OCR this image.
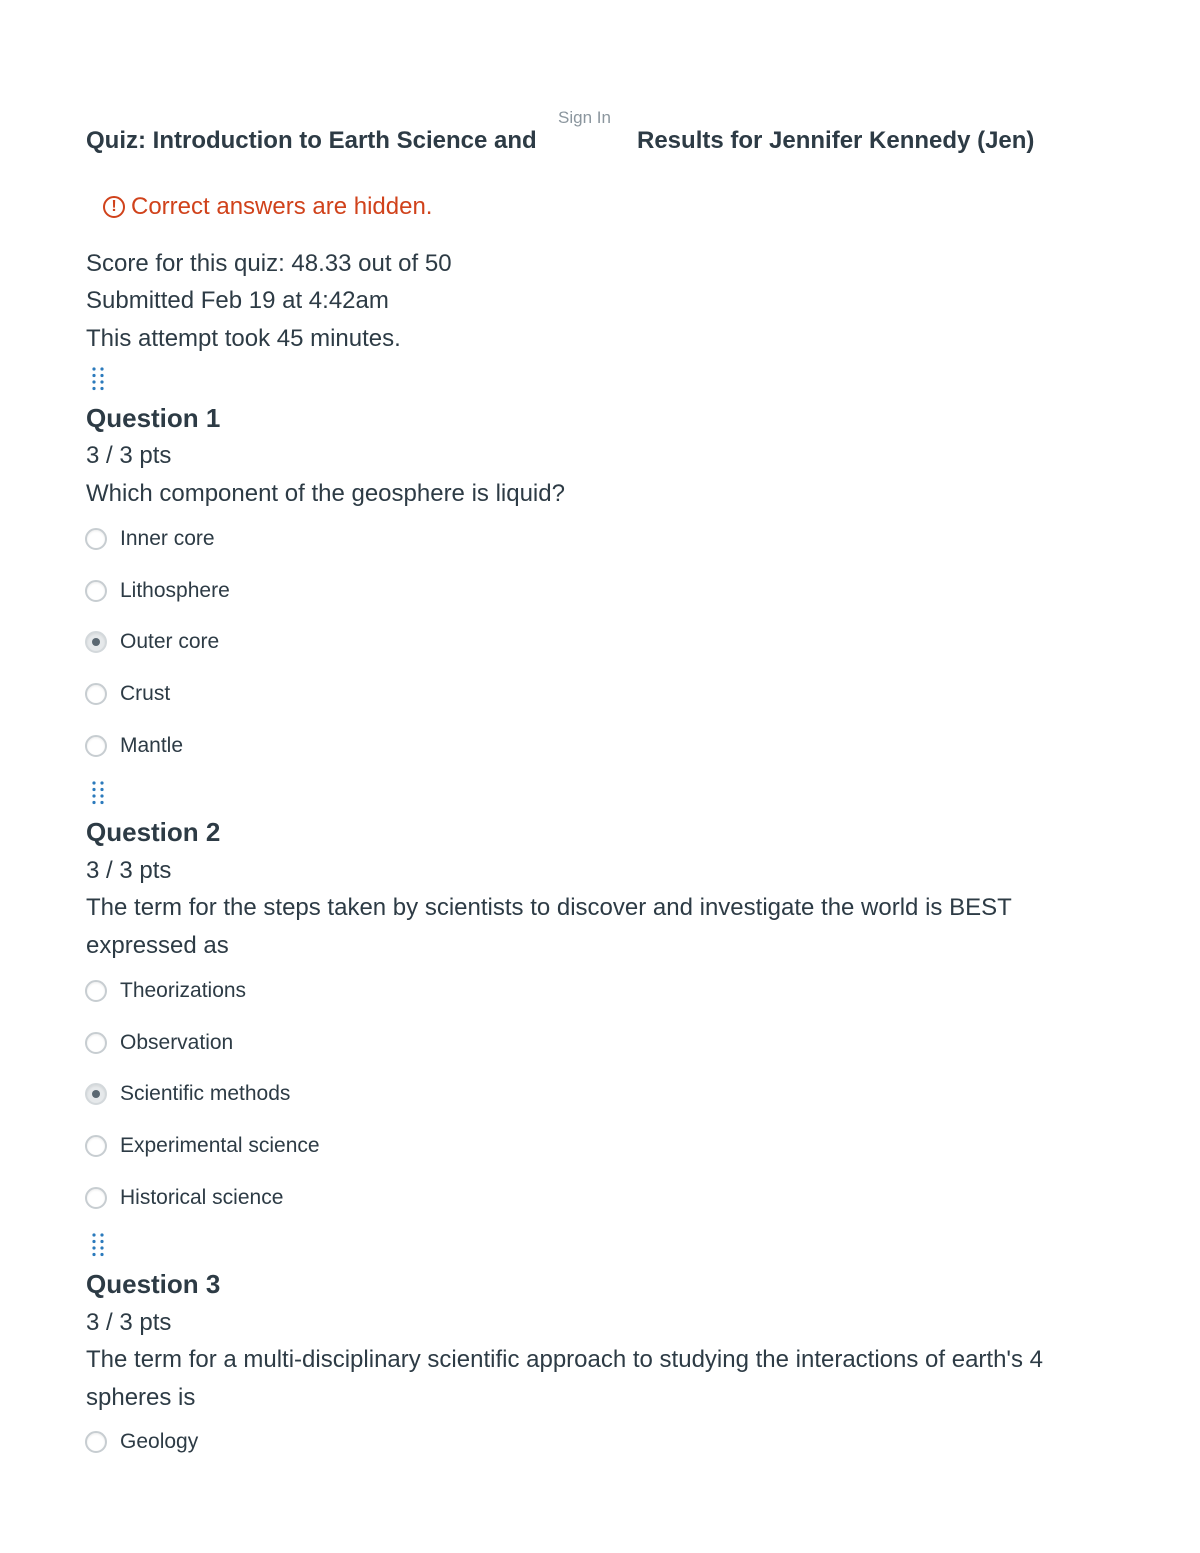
Sign In
Quiz: Introduction to Earth Science and	Results for Jennifer Kennedy (Jen)
! Correct answers are hidden.
Score for this quiz: 48.33 out of 50
Submitted Feb 19 at 4:42am
This attempt took 45 minutes.
Question 1
3 / 3 pts
Which component of the geosphere is liquid?
Inner core
Lithosphere
Outer core
Crust
Mantle
Question 2
3 / 3 pts
The term for the steps taken by scientists to discover and investigate the world is BEST expressed as
Theorizations
Observation
Scientific methods
Experimental science
Historical science
Question 3
3 / 3 pts
The term for a multi-disciplinary scientific approach to studying the interactions of earth's 4 spheres is
Geology
